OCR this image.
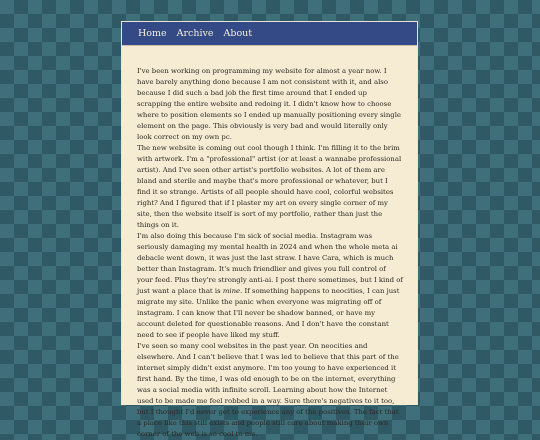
Home Archive About

I've been working on programming my website for almost a year now. I have barely anything done because I am not consistent with it, and also because I did such a bad job the first time around that I ended up scrapping the entire website and redoing it. I didn't know how to choose where to position elements so I ended up manually positioning every single element on the page. This obviously is very bad and would literally only look correct on my own pc.

The new website is coming out cool though I think. I'm filling it to the brim with artwork. I'm a "professional" artist (or at least a wannabe professional artist). And I've seen other artist's portfolio websites. A lot of them are bland and sterile and maybe that's more professional or whatever, but I find it so strange. Artists of all people should have cool, colorful websites right? And I figured that if I plaster my art on every single corner of my site, then the website itself is sort of my portfolio, rather than just the things on it.

I'm also doing this because I'm sick of social media. Instagram was seriously damaging my mental health in 2024 and when the whole meta ai debacle went down, it was just the last straw. I have Cara, which is much better than Instagram. It's much friendlier and gives you full control of your feed. Plus they're strongly anti-ai. I post there sometimes, but I kind of just want a place that is mine. If something happens to neocities, I can just migrate my site. Unlike the panic when everyone was migrating off of instagram. I can know that I'll never be shadow banned, or have my account deleted for questionable reasons. And I don't have the constant need to see if people have liked my stuff.

I've seen so many cool websites in the past year. On neocities and elsewhere. And I can't believe that I was led to believe that this part of the internet simply didn't exist anymore. I'm too young to have experienced it first hand. By the time, I was old enough to be on the internet, everything was a social media with infinite scroll. Learning about how the Internet used to be made me feel robbed in a way. Sure there's negatives to it too, but I thought I'd never get to experience any of the positives. The fact that a place like this still exists and people still care about making their own corner of the web is so cool to me.
